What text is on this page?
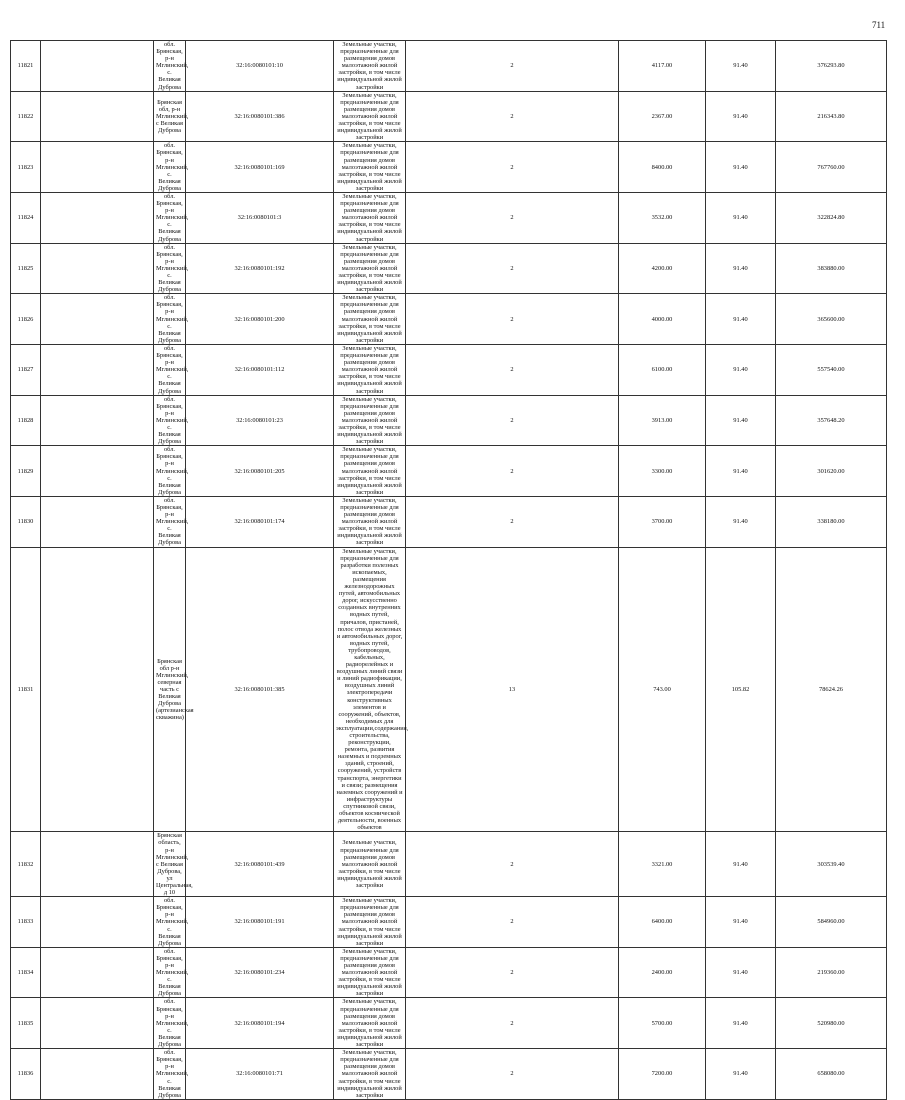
711
11821		обл. Брянская, р-н Мглинский, с. Великая Дуброва	32:16:0080101:10	Земельные участки, предназначенные для размещения домов малоэтажной жилой застройки, в том числе индивидуальной жилой застройки	2	4117.00	91.40	376293.80
11822		Брянская обл, р-н Мглинский, с Великая Дуброва	32:16:0080101:386	Земельные участки, предназначенные для размещения домов малоэтажной жилой застройки, в том числе индивидуальной жилой застройки	2	2367.00	91.40	216343.80
11823		обл. Брянская, р-н Мглинский, с. Великая Дуброва	32:16:0080101:169	Земельные участки, предназначенные для размещения домов малоэтажной жилой застройки, в том числе индивидуальной жилой застройки	2	8400.00	91.40	767760.00
11824		обл. Брянская, р-н Мглинский, с. Великая Дуброва	32:16:0080101:3	Земельные участки, предназначенные для размещения домов малоэтажной жилой застройки, в том числе индивидуальной жилой застройки	2	3532.00	91.40	322824.80
11825		обл. Брянская, р-н Мглинский, с. Великая Дуброва	32:16:0080101:192	Земельные участки, предназначенные для размещения домов малоэтажной жилой застройки, в том числе индивидуальной жилой застройки	2	4200.00	91.40	383880.00
11826		обл. Брянская, р-н Мглинский, с. Великая Дуброва	32:16:0080101:200	Земельные участки, предназначенные для размещения домов малоэтажной жилой застройки, в том числе индивидуальной жилой застройки	2	4000.00	91.40	365600.00
11827		обл. Брянская, р-н Мглинский, с. Великая Дуброва	32:16:0080101:112	Земельные участки, предназначенные для размещения домов малоэтажной жилой застройки, в том числе индивидуальной жилой застройки	2	6100.00	91.40	557540.00
11828		обл. Брянская, р-н Мглинский, с. Великая Дуброва	32:16:0080101:23	Земельные участки, предназначенные для размещения домов малоэтажной жилой застройки, в том числе индивидуальной жилой застройки	2	3913.00	91.40	357648.20
11829		обл. Брянская, р-н Мглинский, с. Великая Дуброва	32:16:0080101:205	Земельные участки, предназначенные для размещения домов малоэтажной жилой застройки, в том числе индивидуальной жилой застройки	2	3300.00	91.40	301620.00
11830		обл. Брянская, р-н Мглинский, с. Великая Дуброва	32:16:0080101:174	Земельные участки, предназначенные для размещения домов малоэтажной жилой застройки, в том числе индивидуальной жилой застройки	2	3700.00	91.40	338180.00
11831		Брянская обл р-н Мглинский, северная часть с Великая Дуброва (артезианская скважина)	32:16:0080101:385	Земельные участки, предназначенные для разработки полезных ископаемых, размещения железнодорожных путей, автомобильных дорог, искусственно созданных внутренних водных путей, причалов, пристаней, полос отвода железных и автомобильных дорог, водных путей, трубопроводов, кабельных, радиорелейных и воздушных линий связи и линий радиофикации, воздушных линий электропередачи конструктивных элементов и сооружений, объектов, необходимых для эксплуатации,содержания, строительства, реконструкции, ремонта, развития наземных и подземных зданий, строений, сооружений, устройств транспорта, энергетики и связи; размещения наземных сооружений и инфраструктуры спутниковой связи, объектов космической деятельности, военных объектов	13	743.00	105.82	78624.26
11832		Брянская область, р-н Мглинский, с Великая Дуброва, ул Центральная, д 10	32:16:0080101:439	Земельные участки, предназначенные для размещения домов малоэтажной жилой застройки, в том числе индивидуальной жилой застройки	2	3321.00	91.40	303539.40
11833		обл. Брянская, р-н Мглинский, с. Великая Дуброва	32:16:0080101:191	Земельные участки, предназначенные для размещения домов малоэтажной жилой застройки, в том числе индивидуальной жилой застройки	2	6400.00	91.40	584960.00
11834		обл. Брянская, р-н Мглинский, с. Великая Дуброва	32:16:0080101:234	Земельные участки, предназначенные для размещения домов малоэтажной жилой застройки, в том числе индивидуальной жилой застройки	2	2400.00	91.40	219360.00
11835		обл. Брянская, р-н Мглинский, с. Великая Дуброва	32:16:0080101:194	Земельные участки, предназначенные для размещения домов малоэтажной жилой застройки, в том числе индивидуальной жилой застройки	2	5700.00	91.40	520980.00
11836		обл. Брянская, р-н Мглинский, с. Великая Дуброва	32:16:0080101:71	Земельные участки, предназначенные для размещения домов малоэтажной жилой застройки, в том числе индивидуальной жилой застройки	2	7200.00	91.40	658080.00
